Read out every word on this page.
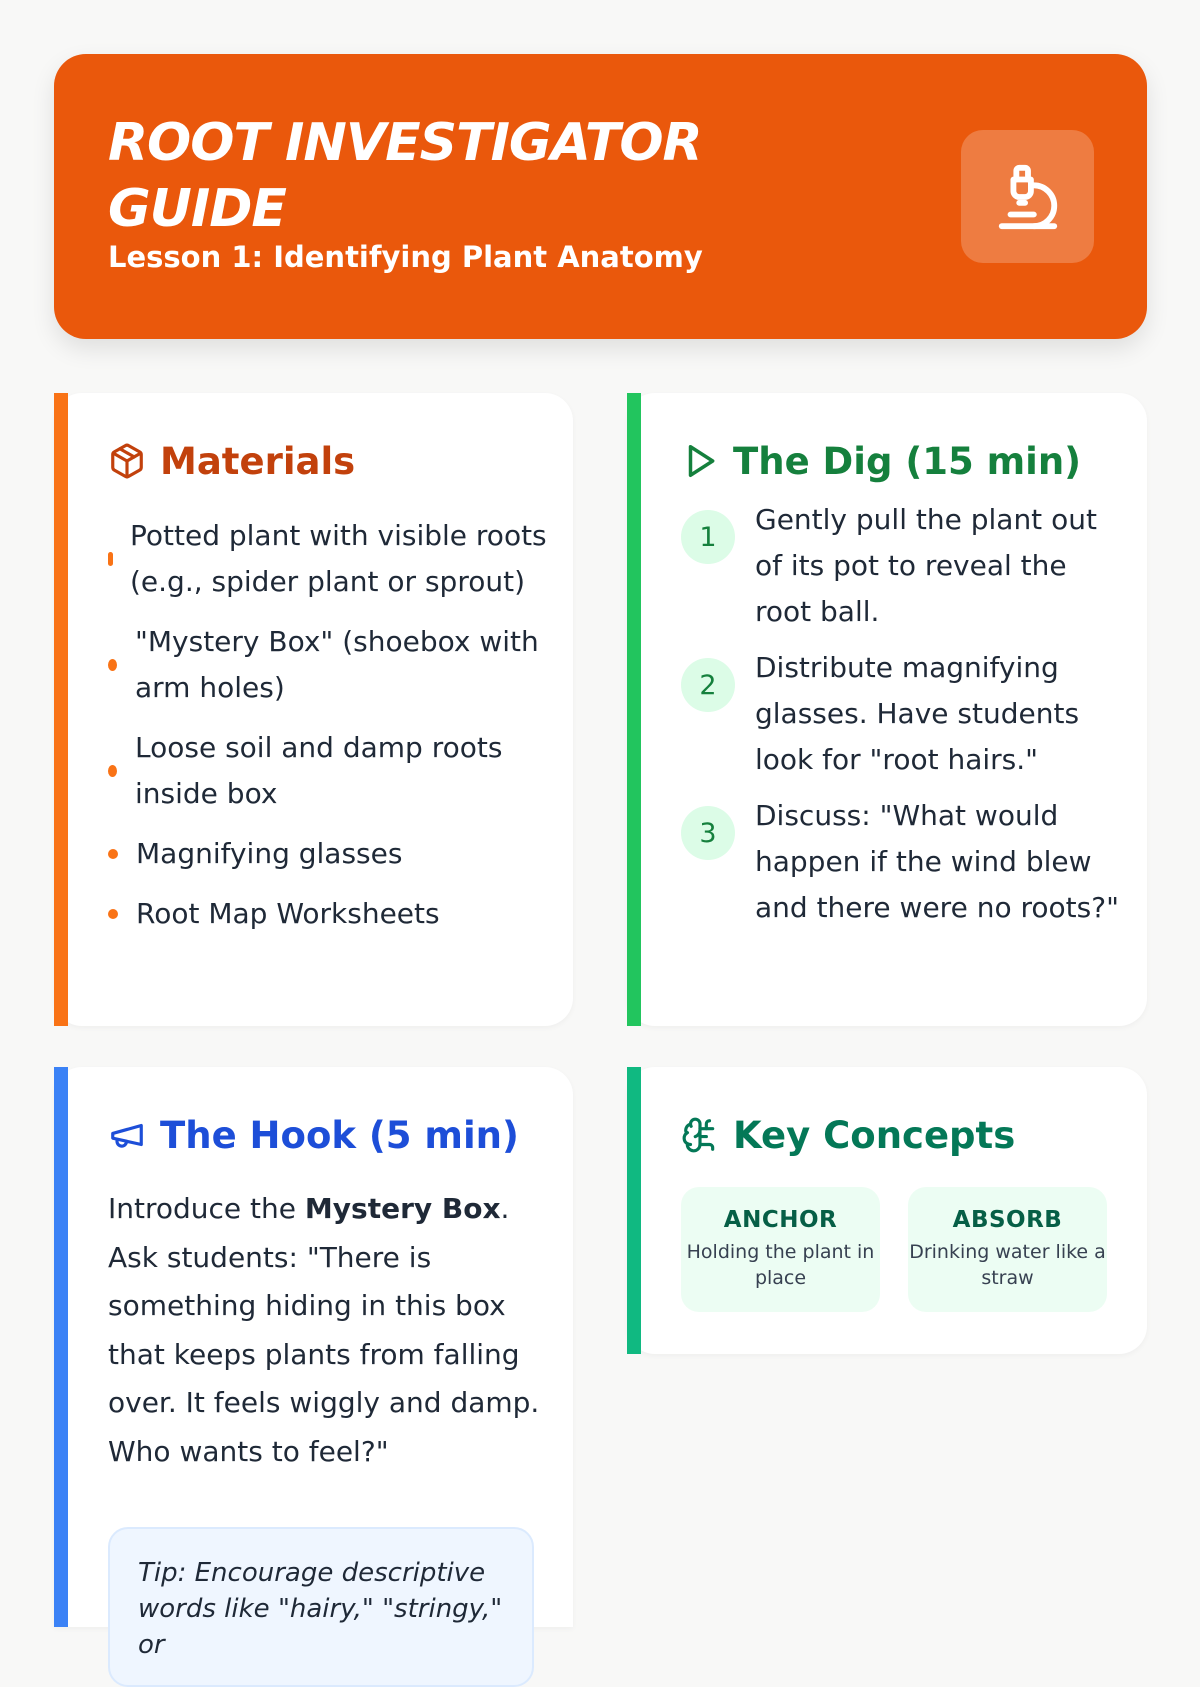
ROOT INVESTIGATOR GUIDE
Lesson 1: Identifying Plant Anatomy
Materials
Potted plant with visible roots (e.g., spider plant or sprout)
"Mystery Box" (shoebox with arm holes)
Loose soil and damp roots inside box
Magnifying glasses
Root Map Worksheets
The Dig (15 min)
1
Gently pull the plant out of its pot to reveal the root ball.
2
Distribute magnifying glasses. Have students look for "root hairs."
3
Discuss: "What would happen if the wind blew and there were no roots?"
The Hook (5 min)
Introduce the Mystery Box. Ask students: "There is something hiding in this box that keeps plants from falling over. It feels wiggly and damp. Who wants to feel?"
Tip: Encourage descriptive words like "hairy," "stringy," or
Key Concepts
ANCHOR
Holding the plant in place
ABSORB
Drinking water like a straw
